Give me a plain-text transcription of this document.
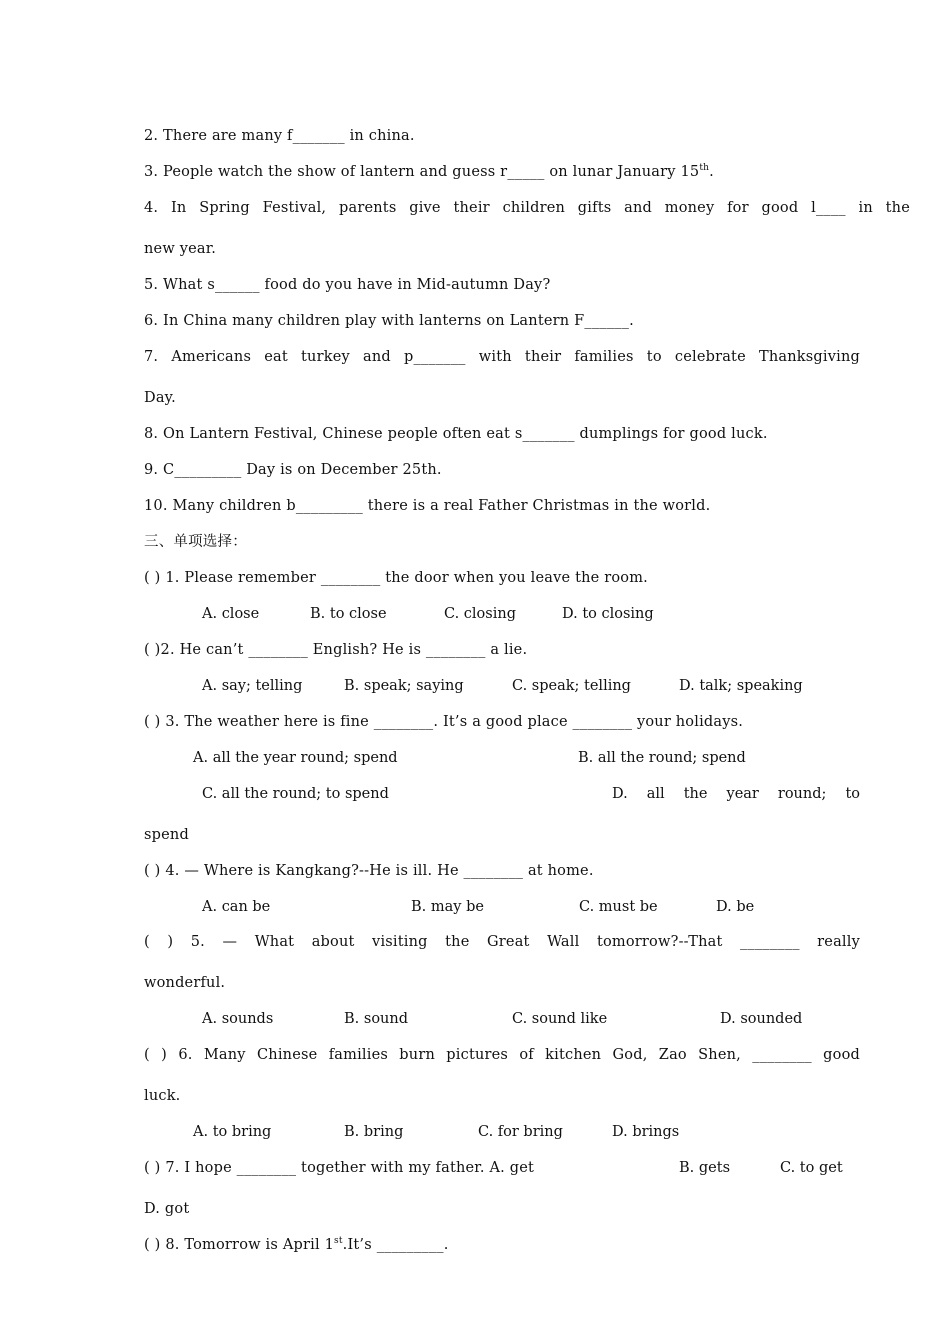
2. There are many f_______ in china.
3. People watch the show of lantern and guess r_____ on lunar January 15th.
4. In Spring Festival, parents give their children gifts and money for good l____ in the
new year.
5. What s______ food do you have in Mid-autumn Day?
6. In China many children play with lanterns on Lantern F______.
7. Americans eat turkey and p_______ with their families to celebrate Thanksgiving
Day.
8. On Lantern Festival, Chinese people often eat s_______ dumplings for good luck.
9. C_________ Day is on December 25th.
10. Many children b_________ there is a real Father Christmas in the world.
三、单项选择：
( ) 1. Please remember ________ the door when you leave the room.
A. close	B. to close	C. closing	D. to closing
( )2. He can’t ________ English? He is ________ a lie.
A. say; telling	B. speak; saying	C. speak; telling	D. talk; speaking
( ) 3. The weather here is fine ________. It’s a good place ________ your holidays.
A. all the year round; spend	B. all the round; spend
C. all the round; to spend	D. all the year round; to
spend
( ) 4. — Where is Kangkang?--He is ill. He ________ at home.
A. can be	B. may be	C. must be	D. be
( ) 5. — What about visiting the Great Wall tomorrow?--That ________ really
wonderful.
A. sounds	B. sound	C. sound like	D. sounded
( ) 6. Many Chinese families burn pictures of kitchen God, Zao Shen, ________ good
luck.
A. to bring	B. bring	C. for bring	D. brings
( ) 7. I hope ________ together with my father. A. get	B. gets	C. to get
D. got
( ) 8. Tomorrow is April 1st.It’s _________.
